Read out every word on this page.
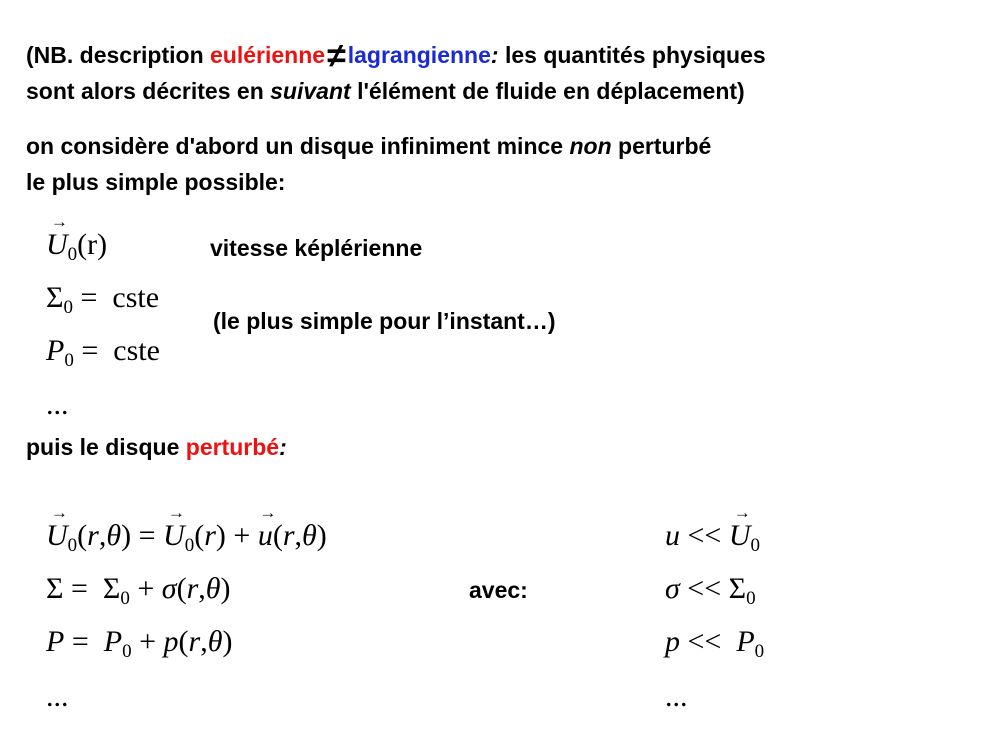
(NB. description eulérienne≠lagrangienne: les quantités physiques
sont alors décrites en suivant l'élément de fluide en déplacement)
on considère d'abord un disque infiniment mince non perturbé
le plus simple possible:
→ $U_0(r)$
$\Sigma_0$ =  cste
$P_0$ =  cste
...
vitesse képlérienne
(le plus simple pour l’instant…)
puis le disque perturbé:
→ $U_0(r,\theta)$ = → $U_0(r)$ + → u(r,θ)
$\Sigma = \Sigma_0 + \sigma(r,\theta)$
$P = P_0 + p(r,\theta)$
...
avec:
u << → $U_0$
$\sigma << \Sigma_0$
$p << P_0$
...
